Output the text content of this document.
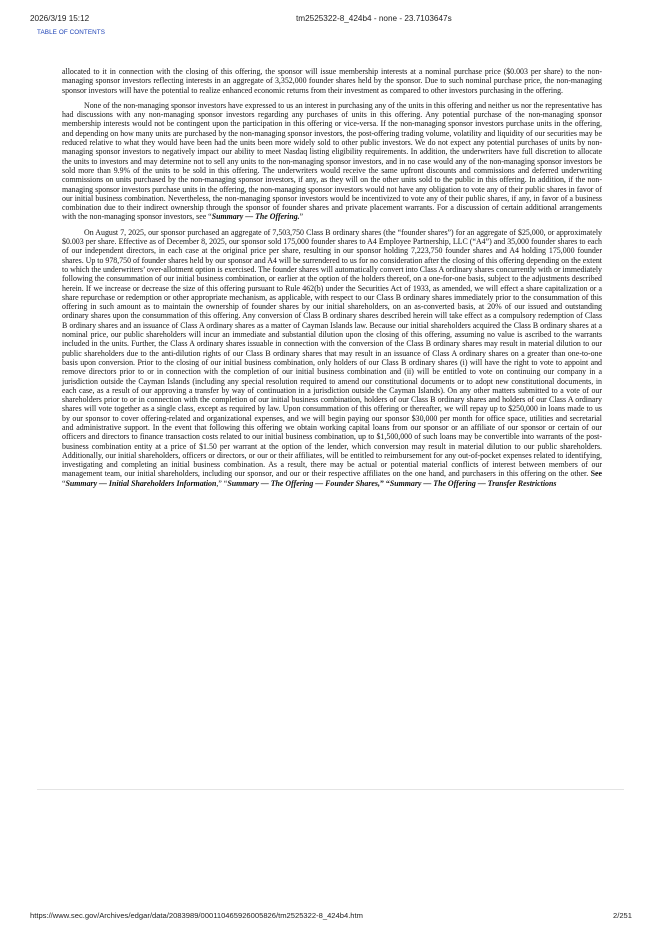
2026/3/19 15:12	tm2525322-8_424b4 - none - 23.7103647s
TABLE OF CONTENTS

allocated to it in connection with the closing of this offering, the sponsor will issue membership interests at a nominal purchase price ($0.003 per share) to the non-managing sponsor investors reflecting interests in an aggregate of 3,352,000 founder shares held by the sponsor. Due to such nominal purchase price, the non-managing sponsor investors will have the potential to realize enhanced economic returns from their investment as compared to other investors purchasing in the offering.

None of the non-managing sponsor investors have expressed to us an interest in purchasing any of the units in this offering and neither us nor the representative has had discussions with any non-managing sponsor investors regarding any purchases of units in this offering. Any potential purchase of the non-managing sponsor membership interests would not be contingent upon the participation in this offering or vice-versa. If the non-managing sponsor investors purchase units in the offering, and depending on how many units are purchased by the non-managing sponsor investors, the post-offering trading volume, volatility and liquidity of our securities may be reduced relative to what they would have been had the units been more widely sold to other public investors. We do not expect any potential purchases of units by non-managing sponsor investors to negatively impact our ability to meet Nasdaq listing eligibility requirements. In addition, the underwriters have full discretion to allocate the units to investors and may determine not to sell any units to the non-managing sponsor investors, and in no case would any of the non-managing sponsor investors be sold more than 9.9% of the units to be sold in this offering. The underwriters would receive the same upfront discounts and commissions and deferred underwriting commissions on units purchased by the non-managing sponsor investors, if any, as they will on the other units sold to the public in this offering. In addition, if the non-managing sponsor investors purchase units in the offering, the non-managing sponsor investors would not have any obligation to vote any of their public shares in favor of our initial business combination. Nevertheless, the non-managing sponsor investors would be incentivized to vote any of their public shares, if any, in favor of a business combination due to their indirect ownership through the sponsor of founder shares and private placement warrants. For a discussion of certain additional arrangements with the non-managing sponsor investors, see “Summary — The Offering.”

On August 7, 2025, our sponsor purchased an aggregate of 7,503,750 Class B ordinary shares (the “founder shares”) for an aggregate of $25,000, or approximately $0.003 per share. Effective as of December 8, 2025, our sponsor sold 175,000 founder shares to A4 Employee Partnership, LLC (“A4”) and 35,000 founder shares to each of our independent directors, in each case at the original price per share, resulting in our sponsor holding 7,223,750 founder shares and A4 holding 175,000 founder shares. Up to 978,750 of founder shares held by our sponsor and A4 will be surrendered to us for no consideration after the closing of this offering depending on the extent to which the underwriters’ over-allotment option is exercised. The founder shares will automatically convert into Class A ordinary shares concurrently with or immediately following the consummation of our initial business combination, or earlier at the option of the holders thereof, on a one-for-one basis, subject to the adjustments described herein. If we increase or decrease the size of this offering pursuant to Rule 462(b) under the Securities Act of 1933, as amended, we will effect a share capitalization or a share repurchase or redemption or other appropriate mechanism, as applicable, with respect to our Class B ordinary shares immediately prior to the consummation of this offering in such amount as to maintain the ownership of founder shares by our initial shareholders, on an as-converted basis, at 20% of our issued and outstanding ordinary shares upon the consummation of this offering. Any conversion of Class B ordinary shares described herein will take effect as a compulsory redemption of Class B ordinary shares and an issuance of Class A ordinary shares as a matter of Cayman Islands law. Because our initial shareholders acquired the Class B ordinary shares at a nominal price, our public shareholders will incur an immediate and substantial dilution upon the closing of this offering, assuming no value is ascribed to the warrants included in the units. Further, the Class A ordinary shares issuable in connection with the conversion of the Class B ordinary shares may result in material dilution to our public shareholders due to the anti-dilution rights of our Class B ordinary shares that may result in an issuance of Class A ordinary shares on a greater than one-to-one basis upon conversion. Prior to the closing of our initial business combination, only holders of our Class B ordinary shares (i) will have the right to vote to appoint and remove directors prior to or in connection with the completion of our initial business combination and (ii) will be entitled to vote on continuing our company in a jurisdiction outside the Cayman Islands (including any special resolution required to amend our constitutional documents or to adopt new constitutional documents, in each case, as a result of our approving a transfer by way of continuation in a jurisdiction outside the Cayman Islands). On any other matters submitted to a vote of our shareholders prior to or in connection with the completion of our initial business combination, holders of our Class B ordinary shares and holders of our Class A ordinary shares will vote together as a single class, except as required by law. Upon consummation of this offering or thereafter, we will repay up to $250,000 in loans made to us by our sponsor to cover offering-related and organizational expenses, and we will begin paying our sponsor $30,000 per month for office space, utilities and secretarial and administrative support. In the event that following this offering we obtain working capital loans from our sponsor or an affiliate of our sponsor or certain of our officers and directors to finance transaction costs related to our initial business combination, up to $1,500,000 of such loans may be convertible into warrants of the post-business combination entity at a price of $1.50 per warrant at the option of the lender, which conversion may result in material dilution to our public shareholders. Additionally, our initial shareholders, officers or directors, or our or their affiliates, will be entitled to reimbursement for any out-of-pocket expenses related to identifying, investigating and completing an initial business combination. As a result, there may be actual or potential material conflicts of interest between members of our management team, our initial shareholders, including our sponsor, and our or their respective affiliates on the one hand, and purchasers in this offering on the other. See “Summary — Initial Shareholders Information,” “Summary — The Offering — Founder Shares,” “Summary — The Offering — Transfer Restrictions

https://www.sec.gov/Archives/edgar/data/2083989/000110465926005826/tm2525322-8_424b4.htm	2/251
